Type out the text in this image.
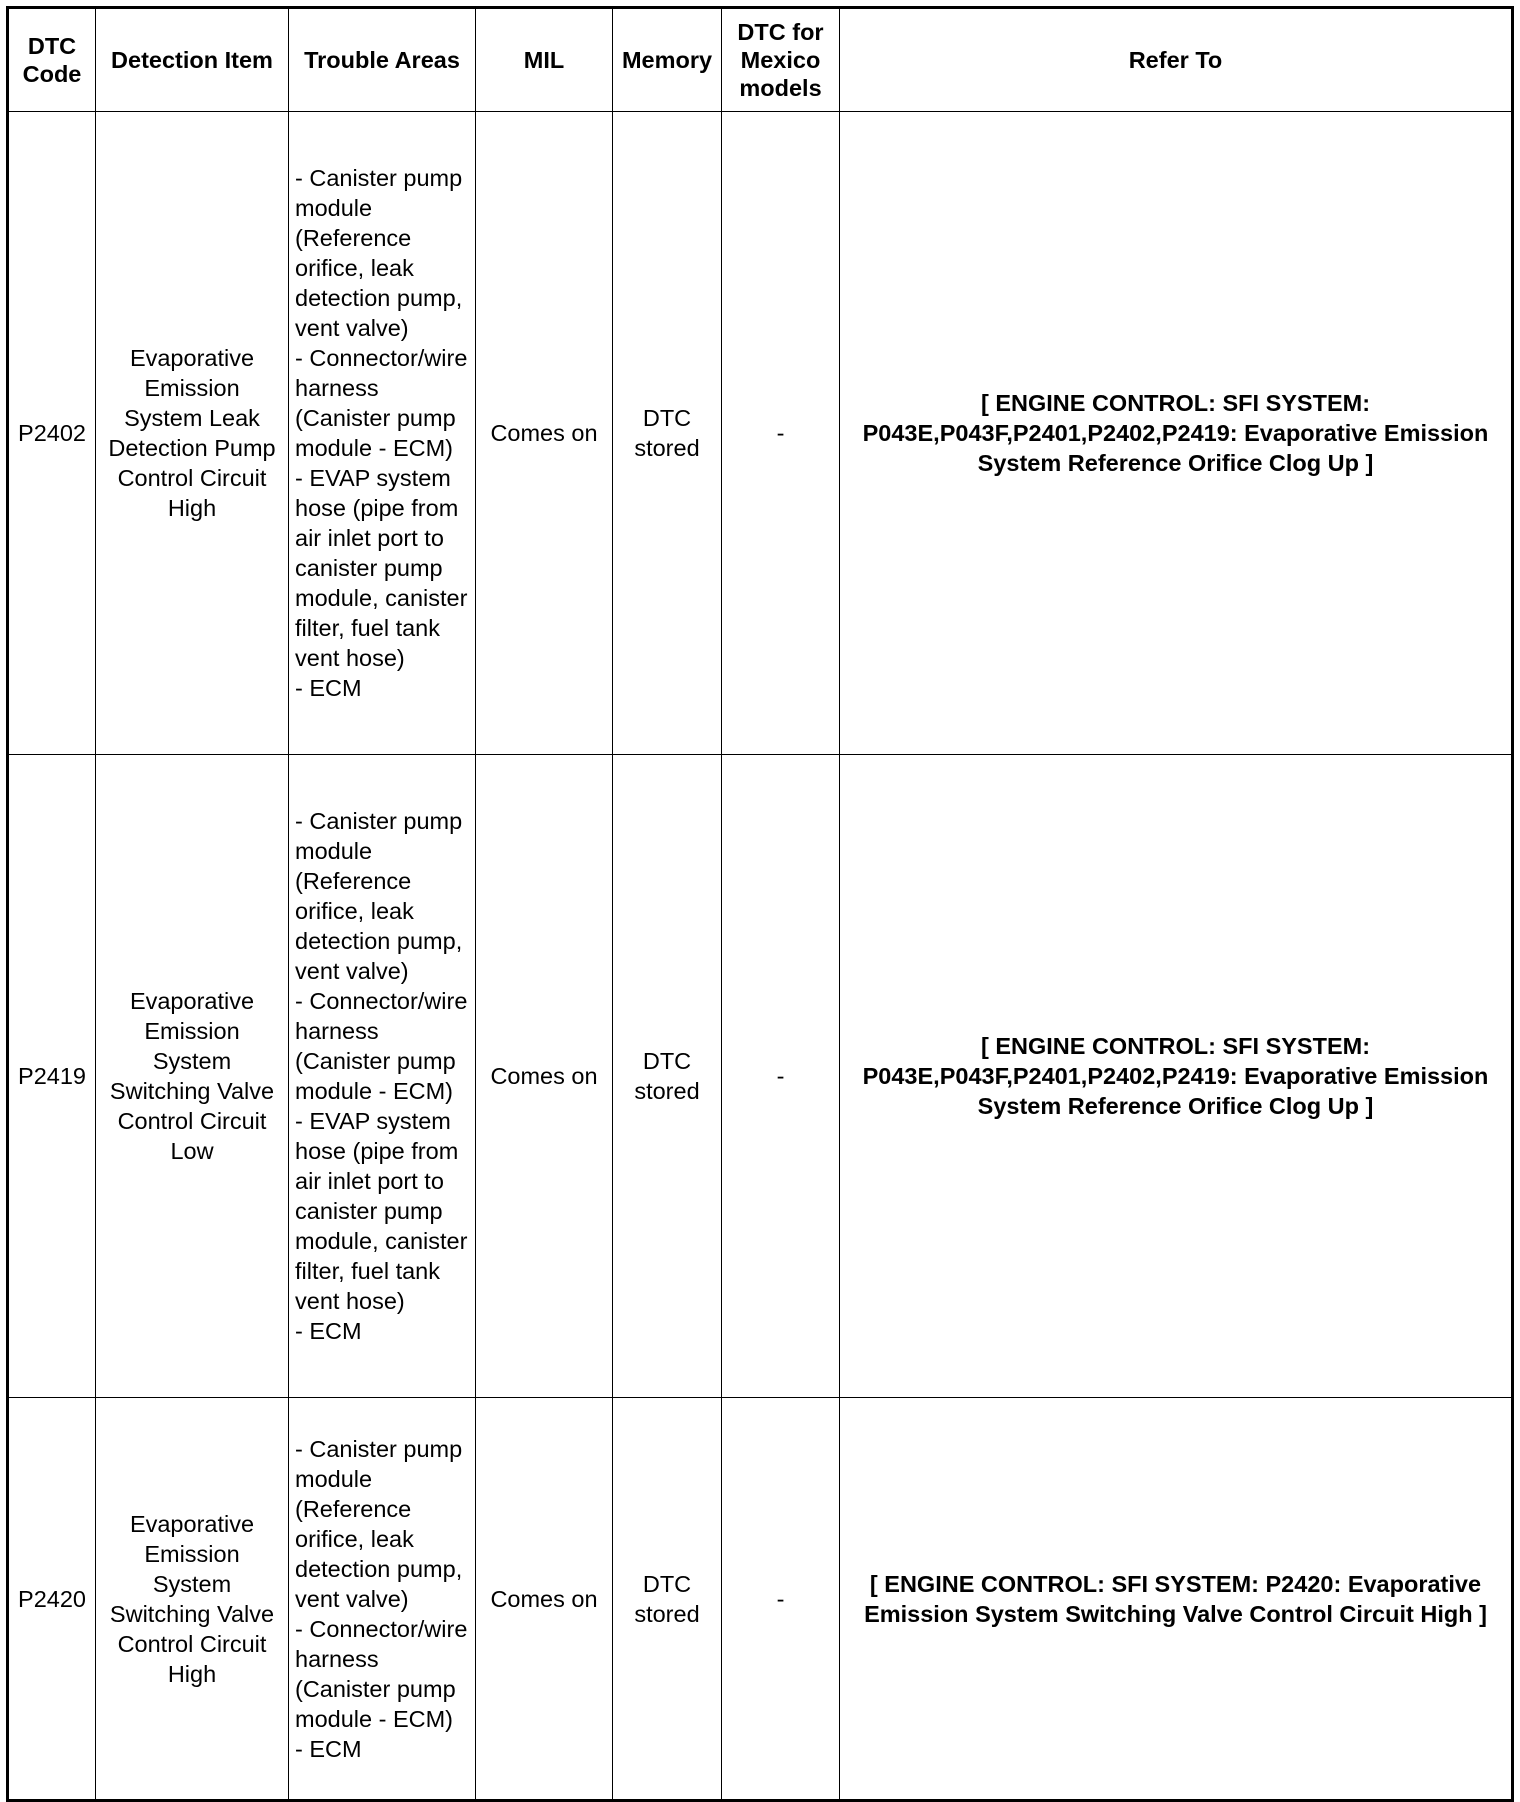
DTC Code	Detection Item	Trouble Areas	MIL	Memory	DTC for Mexico models	Refer To
P2402	Evaporative Emission System Leak Detection Pump Control Circuit High	- Canister pump module (Reference orifice, leak detection pump, vent valve)
- Connector/wire harness (Canister pump module - ECM)
- EVAP system hose (pipe from air inlet port to canister pump module, canister filter, fuel tank vent hose)
- ECM	Comes on	DTC stored	-	[ ENGINE CONTROL: SFI SYSTEM: P043E,P043F,P2401,P2402,P2419: Evaporative Emission System Reference Orifice Clog Up ]
P2419	Evaporative Emission System Switching Valve Control Circuit Low	- Canister pump module (Reference orifice, leak detection pump, vent valve)
- Connector/wire harness (Canister pump module - ECM)
- EVAP system hose (pipe from air inlet port to canister pump module, canister filter, fuel tank vent hose)
- ECM	Comes on	DTC stored	-	[ ENGINE CONTROL: SFI SYSTEM: P043E,P043F,P2401,P2402,P2419: Evaporative Emission System Reference Orifice Clog Up ]
P2420	Evaporative Emission System Switching Valve Control Circuit High	- Canister pump module (Reference orifice, leak detection pump, vent valve)
- Connector/wire harness (Canister pump module - ECM)
- ECM	Comes on	DTC stored	-	[ ENGINE CONTROL: SFI SYSTEM: P2420: Evaporative Emission System Switching Valve Control Circuit High ]
